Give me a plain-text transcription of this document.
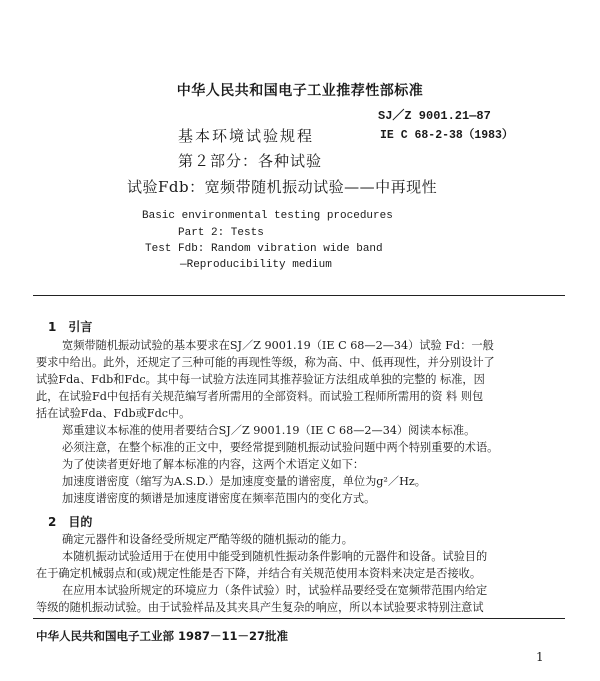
中华人民共和国电子工业推荐性部标准
SJ／Z 9001.21—87
IE C 68-2-38（1983）
基本环境试验规程
第２部分：各种试验
试验Fdb：宽频带随机振动试验——中再现性
Basic environmental testing procedures
Part 2: Tests
Test Fdb: Random vibration wide band
—Reproducibility medium
1　引言
宽频带随机振动试验的基本要求在SJ／Z 9001.19（IE C 68—2—34）试验 Fd：一般
要求中给出。此外，还规定了三种可能的再现性等级，称为高、中、低再现性，并分别设计了
试验Fda、Fdb和Fdc。其中每一试验方法连同其推荐验证方法组成单独的完整的 标准，因
此，在试验Fd中包括有关规范编写者所需用的全部资料。而试验工程师所需用的资 料 则包
括在试验Fda、Fdb或Fdc中。
郑重建议本标准的使用者要结合SJ／Z 9001.19（IE C 68—2—34）阅读本标准。
必须注意，在整个标准的正文中，要经常提到随机振动试验问题中两个特别重要的术语。
为了使读者更好地了解本标准的内容，这两个术语定义如下：
加速度谱密度（缩写为A.S.D.）是加速度变量的谱密度，单位为g²／Hz。
加速度谱密度的频谱是加速度谱密度在频率范围内的变化方式。
2　目的
确定元器件和设备经受所规定严酷等级的随机振动的能力。
本随机振动试验适用于在使用中能受到随机性振动条件影响的元器件和设备。试验目的
在于确定机械弱点和(或)规定性能是否下降，并结合有关规范使用本资料来决定是否接收。
在应用本试验所规定的环境应力（条件试验）时，试验样品要经受在宽频带范围内给定
等级的随机振动试验。由于试验样品及其夹具产生复杂的响应，所以本试验要求特别注意试
中华人民共和国电子工业部 1987－11－27批准
1
